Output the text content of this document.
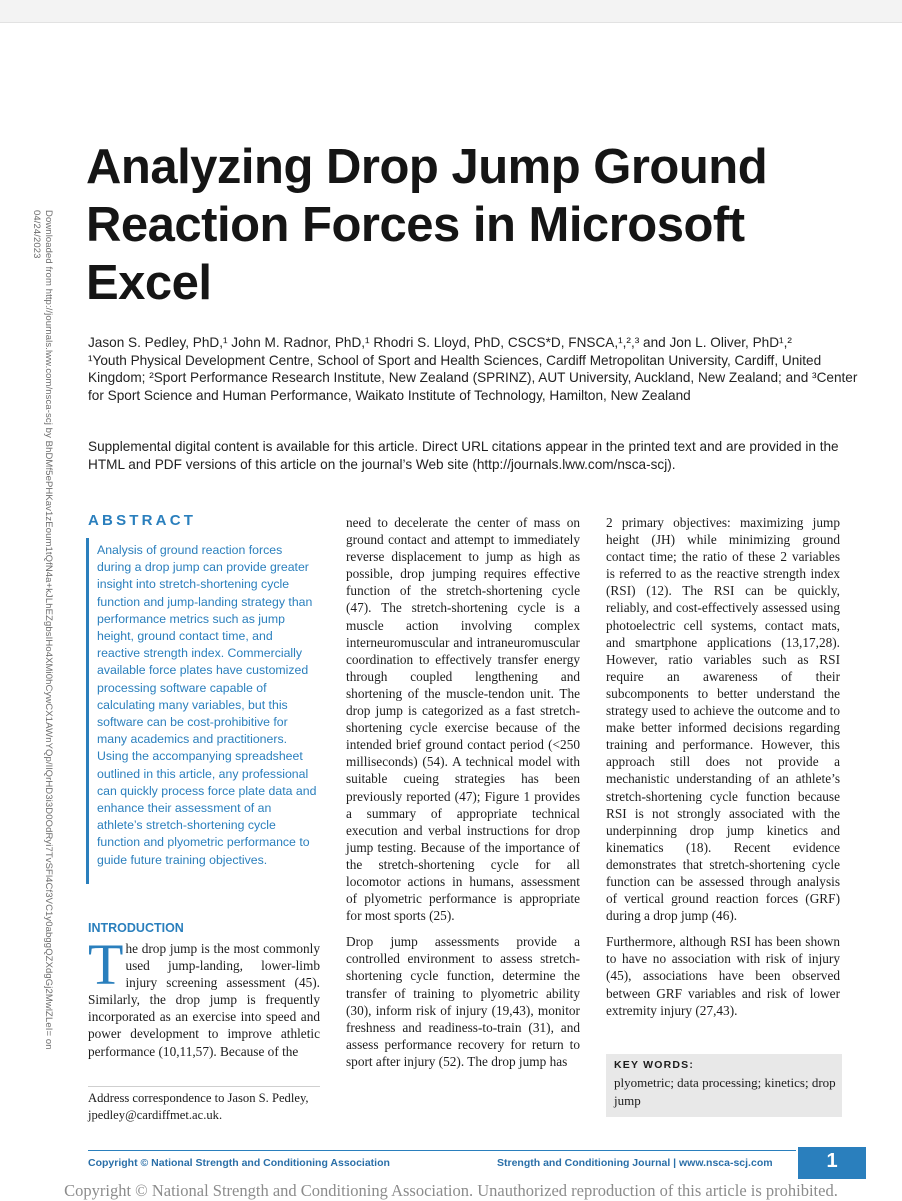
Downloaded from http://journals.lww.com/nsca-scj by BhDMf5ePHKav1zEoum1tQfN4a+kJLhEZgbsIHo4XMi0hCywCX1AWnYQp/IlQrHD3i3D0OdRyi7TvSFl4Cf3VC1y0abggQZXdgGj2MwlZLeI= on 04/24/2023
Analyzing Drop Jump Ground Reaction Forces in Microsoft Excel

Jason S. Pedley, PhD,¹ John M. Radnor, PhD,¹ Rhodri S. Lloyd, PhD, CSCS*D, FNSCA,¹,²,³ and Jon L. Oliver, PhD¹,²

¹Youth Physical Development Centre, School of Sport and Health Sciences, Cardiff Metropolitan University, Cardiff, United Kingdom; ²Sport Performance Research Institute, New Zealand (SPRINZ), AUT University, Auckland, New Zealand; and ³Center for Sport Science and Human Performance, Waikato Institute of Technology, Hamilton, New Zealand

Supplemental digital content is available for this article. Direct URL citations appear in the printed text and are provided in the HTML and PDF versions of this article on the journal’s Web site (http://journals.lww.com/nsca-scj).

ABSTRACT

Analysis of ground reaction forces during a drop jump can provide greater insight into stretch-shortening cycle function and jump-landing strategy than performance metrics such as jump height, ground contact time, and reactive strength index. Commercially available force plates have customized processing software capable of calculating many variables, but this software can be cost-prohibitive for many academics and practitioners. Using the accompanying spreadsheet outlined in this article, any professional can quickly process force plate data and enhance their assessment of an athlete’s stretch-shortening cycle function and plyometric performance to guide future training objectives.

INTRODUCTION

The drop jump is the most commonly used jump-landing, lower-limb injury screening assessment (45). Similarly, the drop jump is frequently incorporated as an exercise into speed and power development to improve athletic performance (10,11,57). Because of the

need to decelerate the center of mass on ground contact and attempt to immediately reverse displacement to jump as high as possible, drop jumping requires effective function of the stretch-shortening cycle (47). The stretch-shortening cycle is a muscle action involving complex interneuromuscular and intraneuromuscular coordination to effectively transfer energy through coupled lengthening and shortening of the muscle-tendon unit. The drop jump is categorized as a fast stretch-shortening cycle exercise because of the intended brief ground contact period (<250 milliseconds) (54). A technical model with suitable cueing strategies has been previously reported (47); Figure 1 provides a summary of appropriate technical execution and verbal instructions for drop jump testing. Because of the importance of the stretch-shortening cycle for all locomotor actions in humans, assessment of plyometric performance is appropriate for most sports (25).

Drop jump assessments provide a controlled environment to assess stretch-shortening cycle function, determine the transfer of training to plyometric ability (30), inform risk of injury (19,43), monitor freshness and readiness-to-train (31), and assess performance recovery for return to sport after injury (52). The drop jump has

2 primary objectives: maximizing jump height (JH) while minimizing ground contact time; the ratio of these 2 variables is referred to as the reactive strength index (RSI) (12). The RSI can be quickly, reliably, and cost-effectively assessed using photoelectric cell systems, contact mats, and smartphone applications (13,17,28). However, ratio variables such as RSI require an awareness of their subcomponents to better understand the strategy used to achieve the outcome and to make better informed decisions regarding training and performance. However, this approach still does not provide a mechanistic understanding of an athlete’s stretch-shortening cycle function because RSI is not strongly associated with the underpinning drop jump kinetics and kinematics (18). Recent evidence demonstrates that stretch-shortening cycle function can be assessed through analysis of vertical ground reaction forces (GRF) during a drop jump (46).

Furthermore, although RSI has been shown to have no association with risk of injury (45), associations have been observed between GRF variables and risk of lower extremity injury (27,43).

Address correspondence to Jason S. Pedley,
jpedley@cardiffmet.ac.uk.

KEY WORDS:

plyometric; data processing; kinetics; drop jump

Copyright © National Strength and Conditioning Association	Strength and Conditioning Journal | www.nsca-scj.com	1
Copyright © National Strength and Conditioning Association. Unauthorized reproduction of this article is prohibited.
